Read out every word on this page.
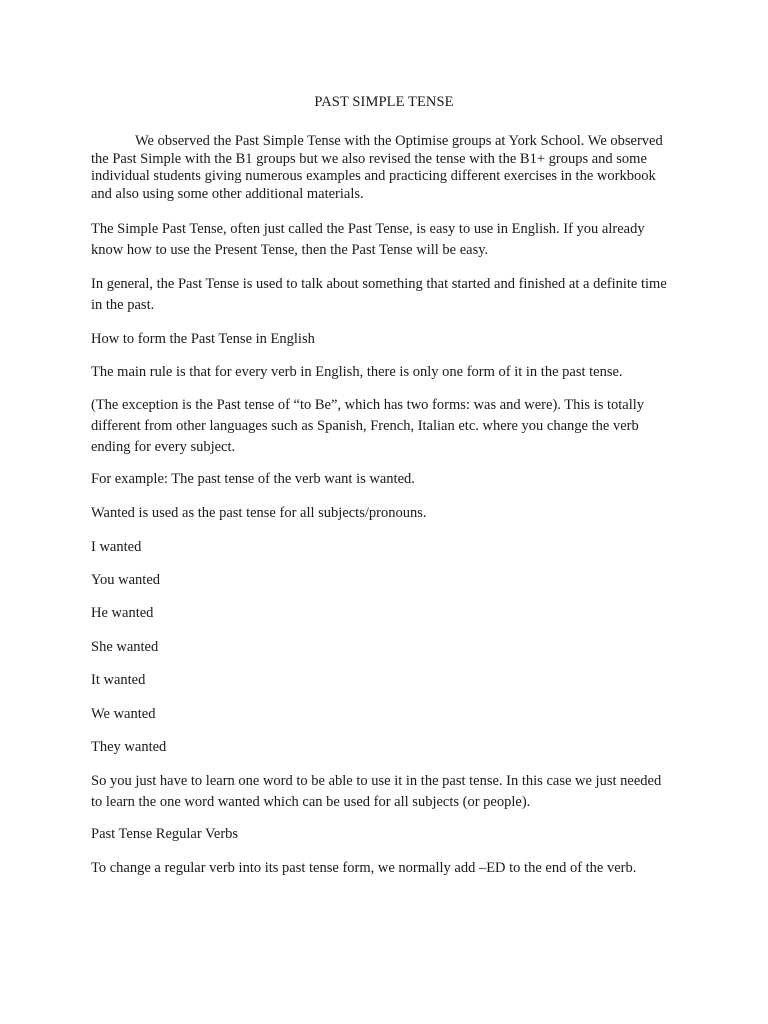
PAST SIMPLE TENSE

We observed the Past Simple Tense with the Optimise groups at York School. We observed the Past Simple with the B1 groups but we also revised the tense with the B1+ groups and some individual students giving numerous examples and practicing different exercises in the workbook and also using some other additional materials.

The Simple Past Tense, often just called the Past Tense, is easy to use in English. If you already know how to use the Present Tense, then the Past Tense will be easy.

In general, the Past Tense is used to talk about something that started and finished at a definite time in the past.

How to form the Past Tense in English

The main rule is that for every verb in English, there is only one form of it in the past tense.

(The exception is the Past tense of “to Be”, which has two forms: was and were). This is totally different from other languages such as Spanish, French, Italian etc. where you change the verb ending for every subject.

For example: The past tense of the verb want is wanted.

Wanted is used as the past tense for all subjects/pronouns.

I wanted

You wanted

He wanted

She wanted

It wanted

We wanted

They wanted

So you just have to learn one word to be able to use it in the past tense. In this case we just needed to learn the one word wanted which can be used for all subjects (or people).

Past Tense Regular Verbs

To change a regular verb into its past tense form, we normally add –ED to the end of the verb.
